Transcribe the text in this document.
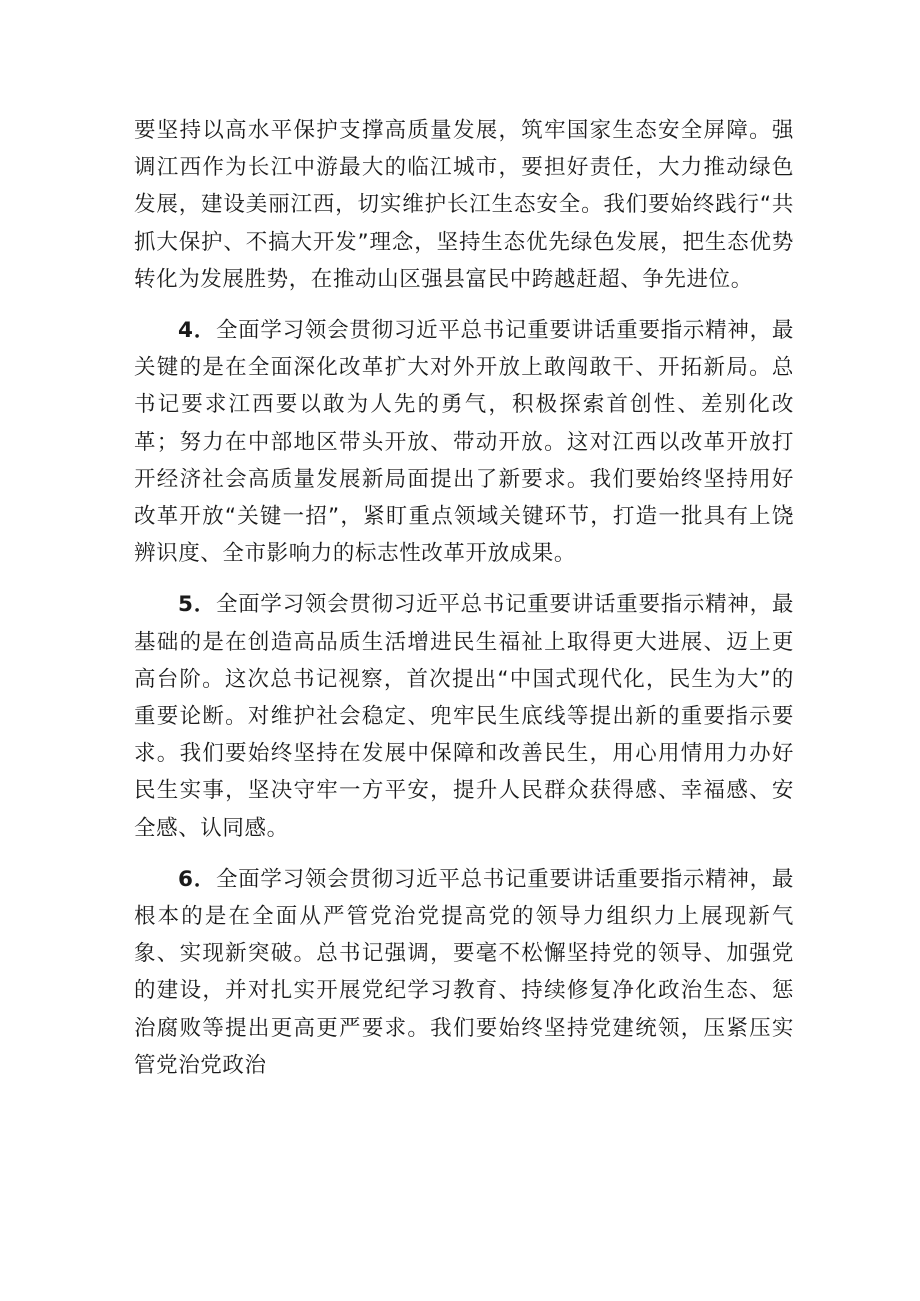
要坚持以高水平保护支撑高质量发展，筑牢国家生态安全屏障。强调江西作为长江中游最大的临江城市，要担好责任，大力推动绿色发展，建设美丽江西，切实维护长江生态安全。我们要始终践行“共抓大保护、不搞大开发”理念，坚持生态优先绿色发展，把生态优势转化为发展胜势，在推动山区强县富民中跨越赶超、争先进位。

4．全面学习领会贯彻习近平总书记重要讲话重要指示精神，最关键的是在全面深化改革扩大对外开放上敢闯敢干、开拓新局。总书记要求江西要以敢为人先的勇气，积极探索首创性、差别化改革；努力在中部地区带头开放、带动开放。这对江西以改革开放打开经济社会高质量发展新局面提出了新要求。我们要始终坚持用好改革开放“关键一招”，紧盯重点领域关键环节，打造一批具有上饶辨识度、全市影响力的标志性改革开放成果。

5．全面学习领会贯彻习近平总书记重要讲话重要指示精神，最基础的是在创造高品质生活增进民生福祉上取得更大进展、迈上更高台阶。这次总书记视察，首次提出“中国式现代化，民生为大”的重要论断。对维护社会稳定、兜牢民生底线等提出新的重要指示要求。我们要始终坚持在发展中保障和改善民生，用心用情用力办好民生实事，坚决守牢一方平安，提升人民群众获得感、幸福感、安全感、认同感。

6．全面学习领会贯彻习近平总书记重要讲话重要指示精神，最根本的是在全面从严管党治党提高党的领导力组织力上展现新气象、实现新突破。总书记强调，要毫不松懈坚持党的领导、加强党的建设，并对扎实开展党纪学习教育、持续修复净化政治生态、惩治腐败等提出更高更严要求。我们要始终坚持党建统领，压紧压实管党治党政治
